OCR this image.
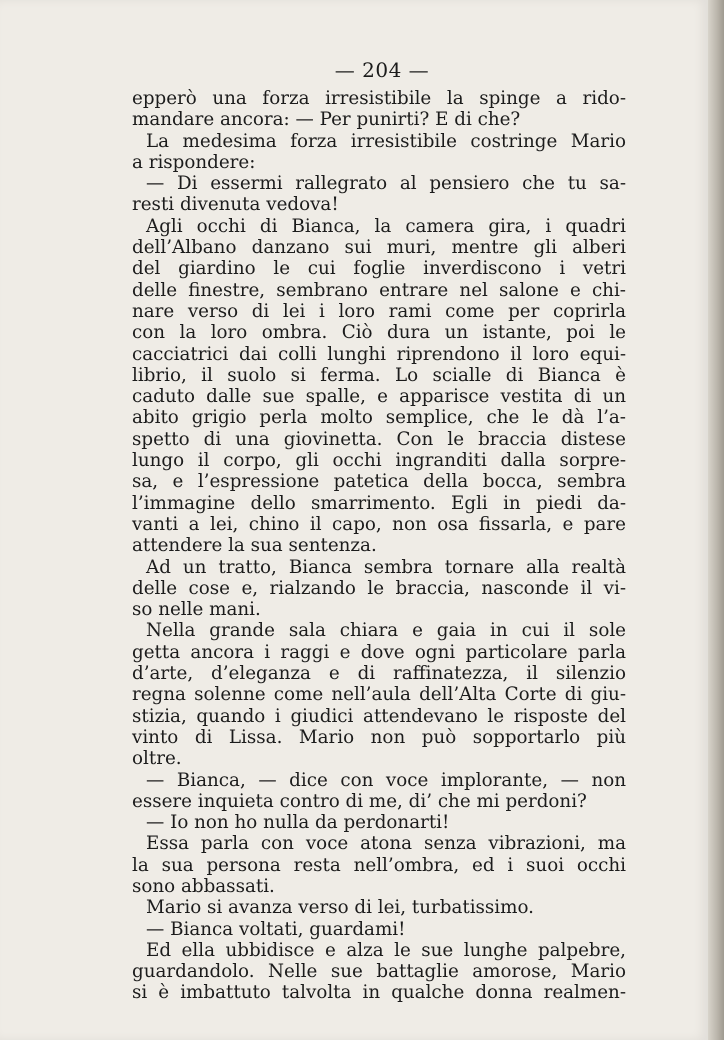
— 204 —
epperò una forza irresistibile la spinge a rido-
mandare ancora: — Per punirti? E di che?
La medesima forza irresistibile costringe Mario
a rispondere:
— Di essermi rallegrato al pensiero che tu sa-
resti divenuta vedova!
Agli occhi di Bianca, la camera gira, i quadri
dell’Albano danzano sui muri, mentre gli alberi
del giardino le cui foglie inverdiscono i vetri
delle finestre, sembrano entrare nel salone e chi-
nare verso di lei i loro rami come per coprirla
con la loro ombra. Ciò dura un istante, poi le
cacciatrici dai colli lunghi riprendono il loro equi-
librio, il suolo si ferma. Lo scialle di Bianca è
caduto dalle sue spalle, e apparisce vestita di un
abito grigio perla molto semplice, che le dà l’a-
spetto di una giovinetta. Con le braccia distese
lungo il corpo, gli occhi ingranditi dalla sorpre-
sa, e l’espressione patetica della bocca, sembra
l’immagine dello smarrimento. Egli in piedi da-
vanti a lei, chino il capo, non osa fissarla, e pare
attendere la sua sentenza.
Ad un tratto, Bianca sembra tornare alla realtà
delle cose e, rialzando le braccia, nasconde il vi-
so nelle mani.
Nella grande sala chiara e gaia in cui il sole
getta ancora i raggi e dove ogni particolare parla
d’arte, d’eleganza e di raffinatezza, il silenzio
regna solenne come nell’aula dell’Alta Corte di giu-
stizia, quando i giudici attendevano le risposte del
vinto di Lissa. Mario non può sopportarlo più
oltre.
— Bianca, — dice con voce implorante, — non
essere inquieta contro di me, di’ che mi perdoni?
— Io non ho nulla da perdonarti!
Essa parla con voce atona senza vibrazioni, ma
la sua persona resta nell’ombra, ed i suoi occhi
sono abbassati.
Mario si avanza verso di lei, turbatissimo.
— Bianca voltati, guardami!
Ed ella ubbidisce e alza le sue lunghe palpebre,
guardandolo. Nelle sue battaglie amorose, Mario
si è imbattuto talvolta in qualche donna realmen-
